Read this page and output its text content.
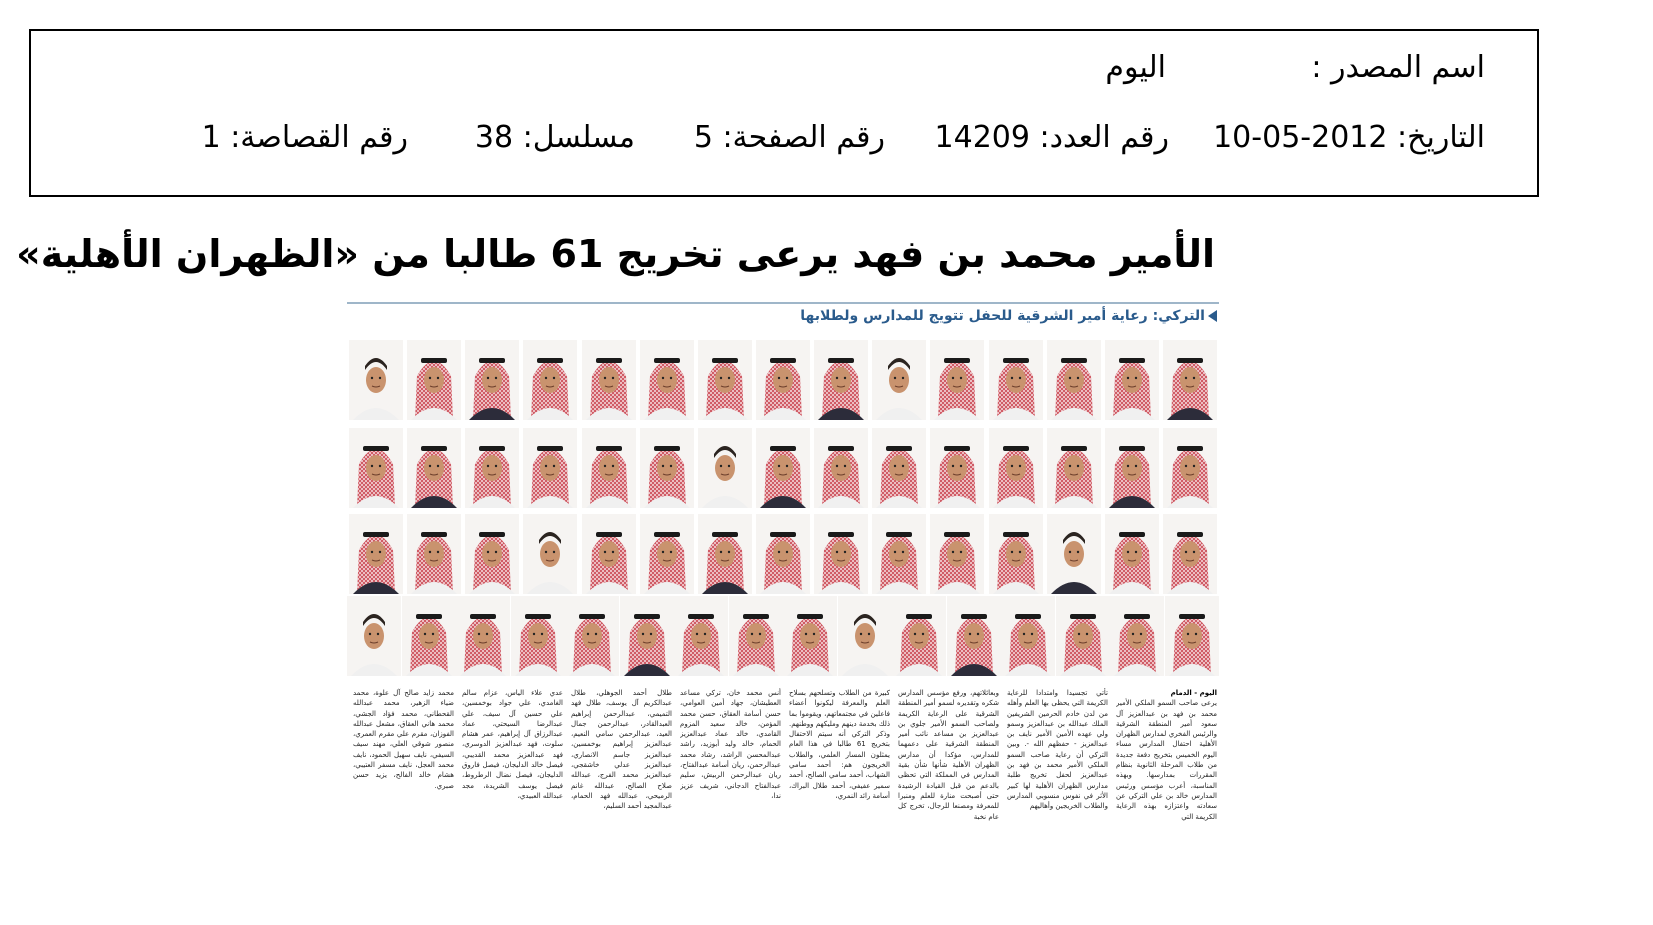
اسم المصدر :
اليوم
التاريخ: 2012-05-10
رقم العدد: 14209
رقم الصفحة: 5
مسلسل: 38
رقم القصاصة: 1
الأمير محمد بن فهد يرعى تخريج 61 طالبا من «الظهران الأهلية»
التركي: رعاية أمير الشرقية للحفل تتويج للمدارس ولطلابها
اليوم - الدمام
يرعى صاحب السمو الملكي الأمير محمد بن فهد بن عبدالعزيز آل سعود أمير المنطقة الشرقية والرئيس الفخري لمدارس الظهران الأهلية احتفال المدارس مساء اليوم الخميس بتخريج دفعة جديدة من طلاب المرحلة الثانوية بنظام المقررات بمدارسها. وبهذه المناسبة، أعرب مؤسس ورئيس المدارس خالد بن علي التركي عن سعادته واعتزازه بهذه الرعاية الكريمة التي
تأتي تجسيدا وامتدادا للرعاية الكريمة التي يحظى بها العلم وأهله من لدن خادم الحرمين الشريفين الملك عبدالله بن عبدالعزيز وسمو ولي عهده الأمين الأمير نايف بن عبدالعزيز - حفظهم الله -. وبين التركي أن رعاية صاحب السمو الملكي الأمير محمد بن فهد بن عبدالعزيز لحفل تخريج طلبة مدارس الظهران الأهلية لها كبير الأثر في نفوس منسوبي المدارس والطلاب الخريجين وأهاليهم
وبعائلاتهم، ورفع مؤسس المدارس شكره وتقديره لسمو أمير المنطقة الشرقية على الرعاية الكريمة ولصاحب السمو الأمير جلوي بن عبدالعزيز بن مساعد نائب أمير المنطقة الشرقية على دعمهما للمدارس، مؤكدا أن مدارس الظهران الأهلية شأنها شأن بقية المدارس في المملكة التي تحظى بالدعم من قبل القيادة الرشيدة حتى أصبحت منارة للعلم ومنبرا للمعرفة ومصنعا للرجال، تخرج كل عام نخبة
كبيرة من الطلاب وتسلحهم بسلاح العلم والمعرفة ليكونوا أعضاء فاعلين في مجتمعاتهم، ويقوموا بما ذلك بخدمة دينهم ومليكهم ووطنهم. وذكر التركي أنه سيتم الاحتفال بتخريج 61 طالبا في هذا العام يمثلون المسار العلمي، والطلاب الخريجون هم: أحمد سامي الشهاب، أحمد سامي الصالح، أحمد سمير عفيفي، أحمد طلال البراك، أسامة رائد النمري،
أنس محمد خان، تركي مساعد العطيشان، جهاد أمين العوامي، حسن أسامة العقاق، حسن محمد المؤمن، خالد سعيد المزوم القامدي، خالد عماد عبدالعزيز الحمام، خالد وليد أبوزيد، راشد عبدالمحسن الراشد، رشاد محمد عبدالرحمن، ريان أسامة عبدالفتاح، ريان عبدالرحمن الربيش، سليم عبدالفتاح الدجاني، شريف عزيز ندا،
طلال أحمد الجوهلي، طلال عبدالكريم آل يوسف، طلال فهد التميمي، عبدالرحمن إبراهيم العبدالقادر، عبدالرحمن جمال العيد، عبدالرحمن سامي النعيم، عبدالعزيز إبراهيم بوخمسين، عبدالعزيز جاسم الانصاري، عبدالعزيز عدلي خاشقجي، عبدالعزيز محمد الفرج، عبدالله صلاح الصالح، عبدالله غانم الرميحي، عبدالله فهد الحمام، عبدالمجيد أحمد السليم،
عدي علاء الياس، عزام سالم الغامدي، علي جواد بوخمسين، علي حسين آل سيف، علي عبدالرضا السيحتي، عماد عبدالرزاق آل إبراهيم، عمر هشام سلوت، فهد عبدالعزيز الدوسري، فهد عبدالعزيز محمد القديبي، فيصل خالد الدليجان، فيصل فاروق الدليجان، فيصل نضال الرطروط، فيصل يوسف الشريدة، مجد عبدالله العبيدي،
محمد زايد صالح آل علوة، محمد ضياء الزهير، محمد عبدالله القحطاني، محمد فؤاد الجشي، محمد هاني العقاق، مشعل عبدالله الفوزان، مقرم علي مقرم العمري، منصور شوقي العلي، مهند سيف السيفي، نايف سهيل الحمود، نايف محمد العجل، نايف مسفر العتيبي، هشام خالد الفالح، يزيد حسن صبري.
